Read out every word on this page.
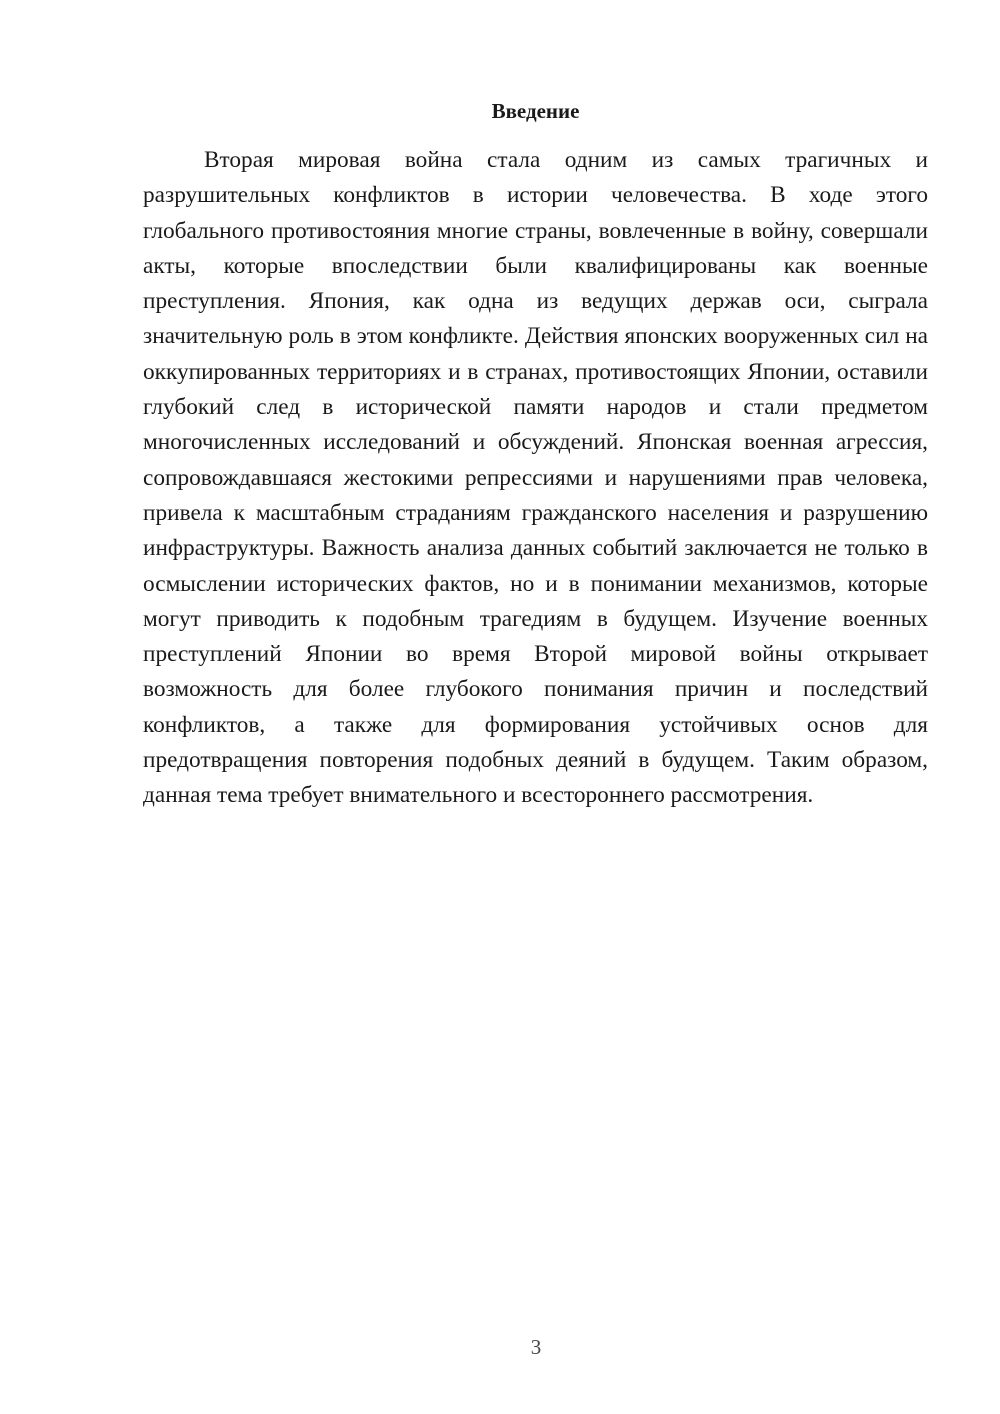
Введение

Вторая мировая война стала одним из самых трагичных и разрушительных конфликтов в истории человечества. В ходе этого глобального противостояния многие страны, вовлеченные в войну, совершали акты, которые впоследствии были квалифицированы как военные преступления. Япония, как одна из ведущих держав оси, сыграла значительную роль в этом конфликте. Действия японских вооруженных сил на оккупированных территориях и в странах, противостоящих Японии, оставили глубокий след в исторической памяти народов и стали предметом многочисленных исследований и обсуждений. Японская военная агрессия, сопровождавшаяся жестокими репрессиями и нарушениями прав человека, привела к масштабным страданиям гражданского населения и разрушению инфраструктуры. Важность анализа данных событий заключается не только в осмыслении исторических фактов, но и в понимании механизмов, которые могут приводить к подобным трагедиям в будущем. Изучение военных преступлений Японии во время Второй мировой войны открывает возможность для более глубокого понимания причин и последствий конфликтов, а также для формирования устойчивых основ для предотвращения повторения подобных деяний в будущем. Таким образом, данная тема требует внимательного и всестороннего рассмотрения.

3
